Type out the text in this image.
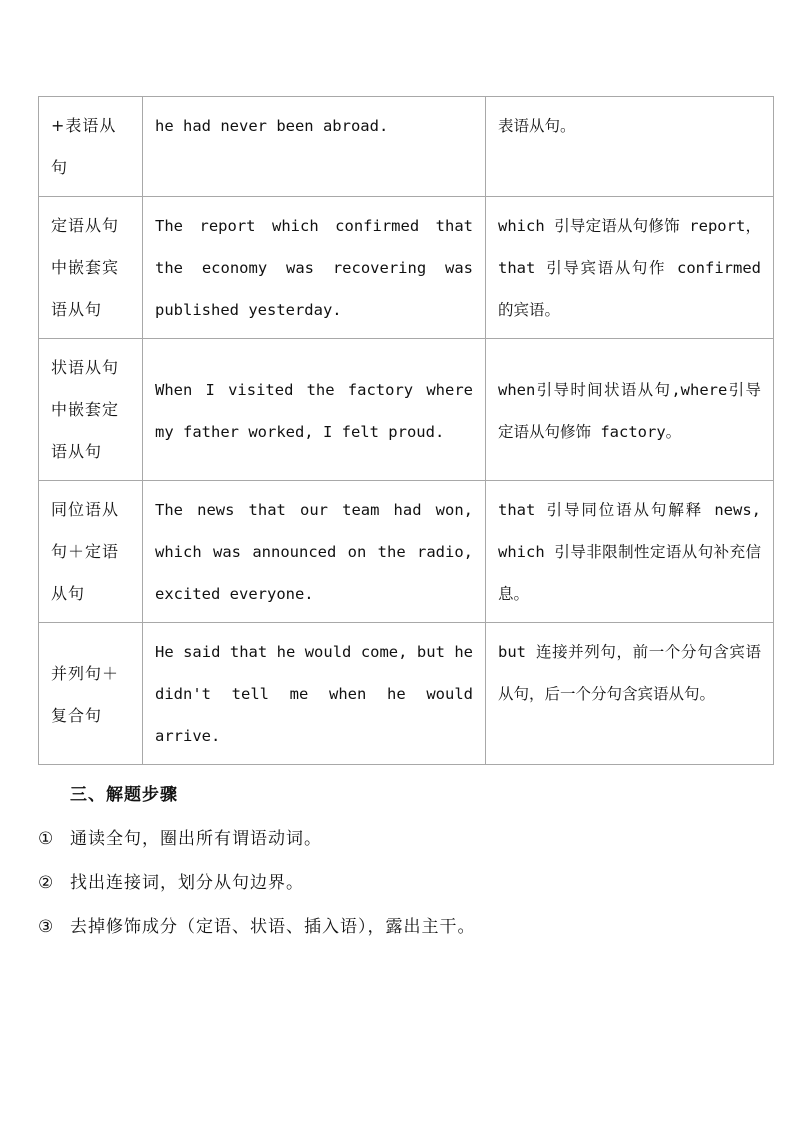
+表语从句	he had never been abroad.	表语从句。
定语从句中嵌套宾语从句	The report which confirmed that the economy was recovering was published yesterday.	which 引导定语从句修饰 report，that 引导宾语从句作 confirmed 的宾语。
状语从句中嵌套定语从句	When I visited the factory where my father worked, I felt proud.	when引导时间状语从句,where引导定语从句修饰 factory。
同位语从句＋定语从句	The news that our team had won, which was announced on the radio, excited everyone.	that 引导同位语从句解释 news, which 引导非限制性定语从句补充信息。
并列句＋复合句	He said that he would come, but he didn't tell me when he would arrive.	but 连接并列句，前一个分句含宾语从句，后一个分句含宾语从句。
三、解题步骤
① 通读全句，圈出所有谓语动词。
② 找出连接词，划分从句边界。
③ 去掉修饰成分（定语、状语、插入语），露出主干。
